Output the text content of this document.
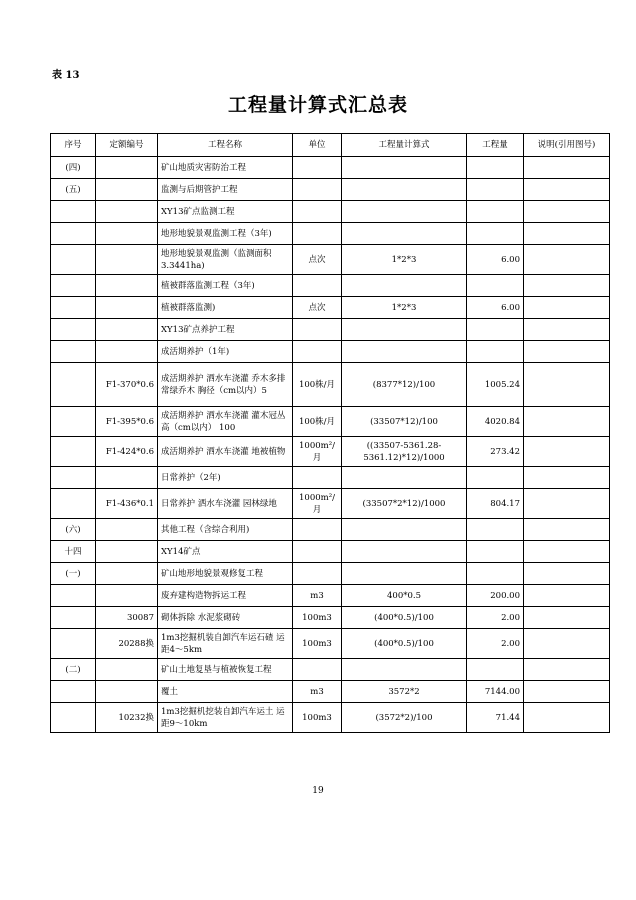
表 13
工程量计算式汇总表
序号	定额编号	工程名称	单位	工程量计算式	工程量	说明(引用图号)
(四)		矿山地质灾害防治工程				
(五)		监测与后期管护工程				
		XY13矿点监测工程				
		地形地貌景观监测工程（3年)				
		地形地貌景观监测（监测面积3.3441ha)	点次	1*2*3	6.00	
		植被群落监测工程（3年)				
		植被群落监测)	点次	1*2*3	6.00	
		XY13矿点养护工程				
		成活期养护（1年)				
	F1-370*0.6	成活期养护 洒水车浇灌 乔木多排常绿乔木 胸径（cm以内）5	100株/月	(8377*12)/100	1005.24	
	F1-395*0.6	成活期养护 洒水车浇灌 灌木冠丛高（cm以内） 100	100株/月	(33507*12)/100	4020.84	
	F1-424*0.6	成活期养护 洒水车浇灌 地被植物	1000m²/月	((33507-5361.28-5361.12)*12)/1000	273.42	
		日常养护（2年)				
	F1-436*0.1	日常养护 洒水车浇灌 园林绿地	1000m²/月	(33507*2*12)/1000	804.17	
(六)		其他工程（含综合利用)				
十四		XY14矿点				
(一)		矿山地形地貌景观修复工程				
		废弃建构造物拆运工程	m3	400*0.5	200.00	
	30087	砌体拆除 水泥浆砌砖	100m3	(400*0.5)/100	2.00	
	20288换	1m3挖掘机装自卸汽车运石碴 运距4～5km	100m3	(400*0.5)/100	2.00	
(二)		矿山土地复垦与植被恢复工程				
		覆土	m3	3572*2	7144.00	
	10232换	1m3挖掘机挖装自卸汽车运土 运距9～10km	100m3	(3572*2)/100	71.44	
19
